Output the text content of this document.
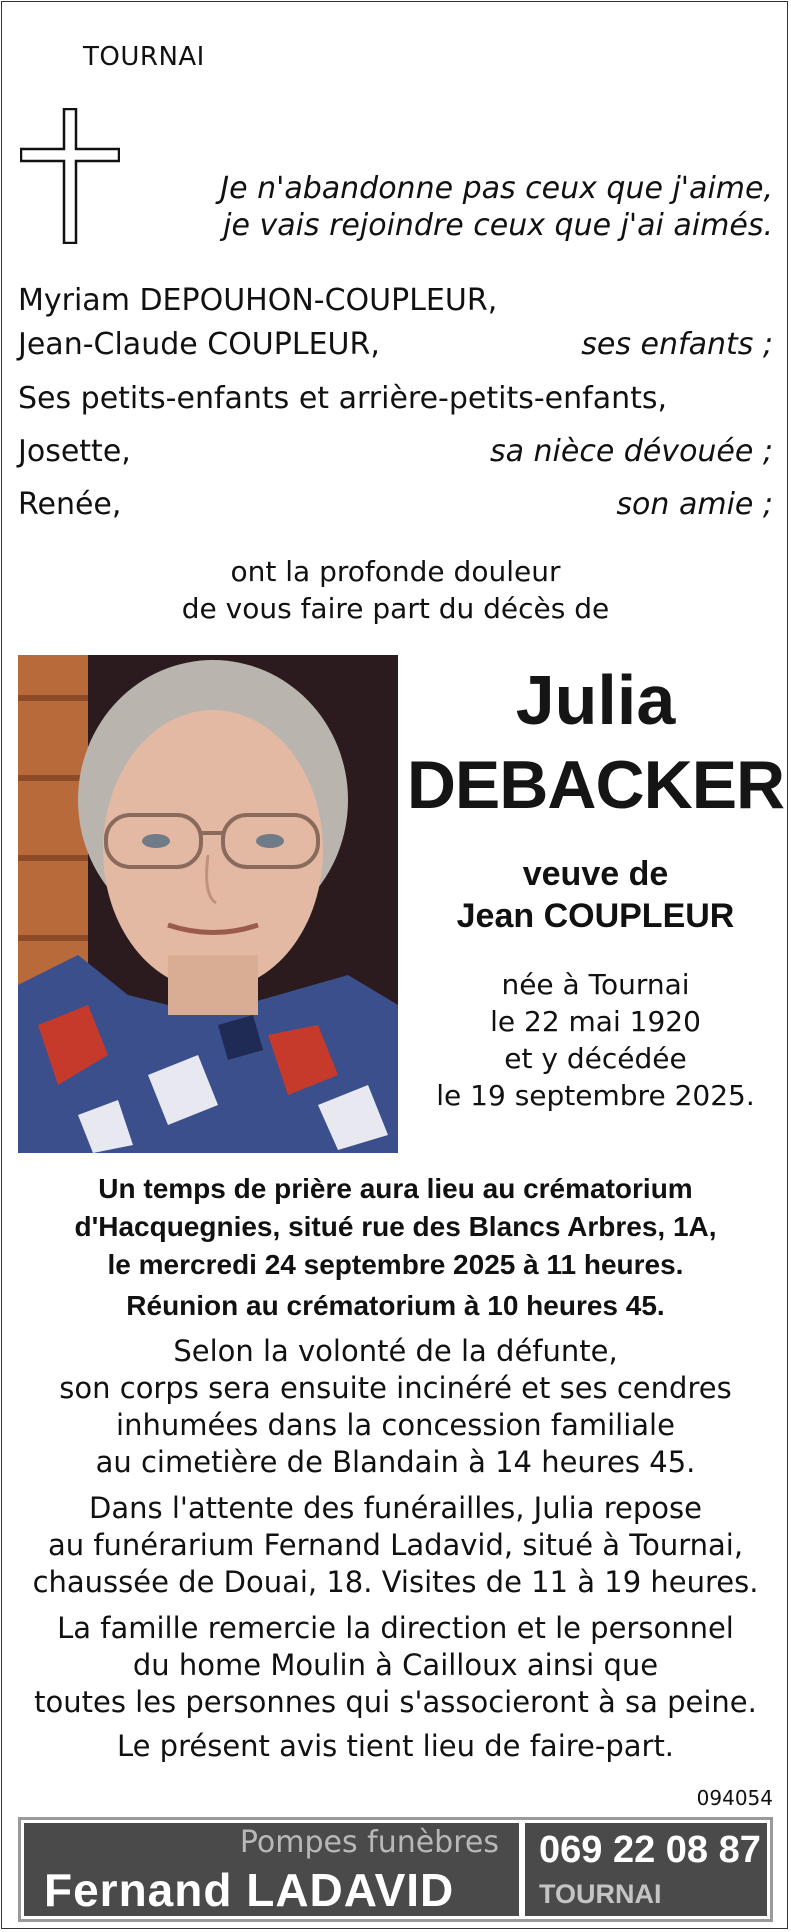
TOURNAI
Je n'abandonne pas ceux que j'aime,
je vais rejoindre ceux que j'ai aimés.
Myriam DEPOUHON-COUPLEUR,
Jean-Claude COUPLEUR,	ses enfants ;
Ses petits-enfants et arrière-petits-enfants,
Josette,	sa nièce dévouée ;
Renée,	son amie ;
ont la profonde douleur
de vous faire part du décès de
Julia
DEBACKER
veuve de
Jean COUPLEUR
née à Tournai
le 22 mai 1920
et y décédée
le 19 septembre 2025.
Un temps de prière aura lieu au crématorium
d'Hacquegnies, situé rue des Blancs Arbres, 1A,
le mercredi 24 septembre 2025 à 11 heures.
Réunion au crématorium à 10 heures 45.
Selon la volonté de la défunte,
son corps sera ensuite incinéré et ses cendres
inhumées dans la concession familiale
au cimetière de Blandain à 14 heures 45.
Dans l'attente des funérailles, Julia repose
au funérarium Fernand Ladavid, situé à Tournai,
chaussée de Douai, 18. Visites de 11 à 19 heures.
La famille remercie la direction et le personnel
du home Moulin à Cailloux ainsi que
toutes les personnes qui s'associeront à sa peine.
Le présent avis tient lieu de faire-part.
094054
Pompes funèbres
Fernand LADAVID
069 22 08 87
TOURNAI
